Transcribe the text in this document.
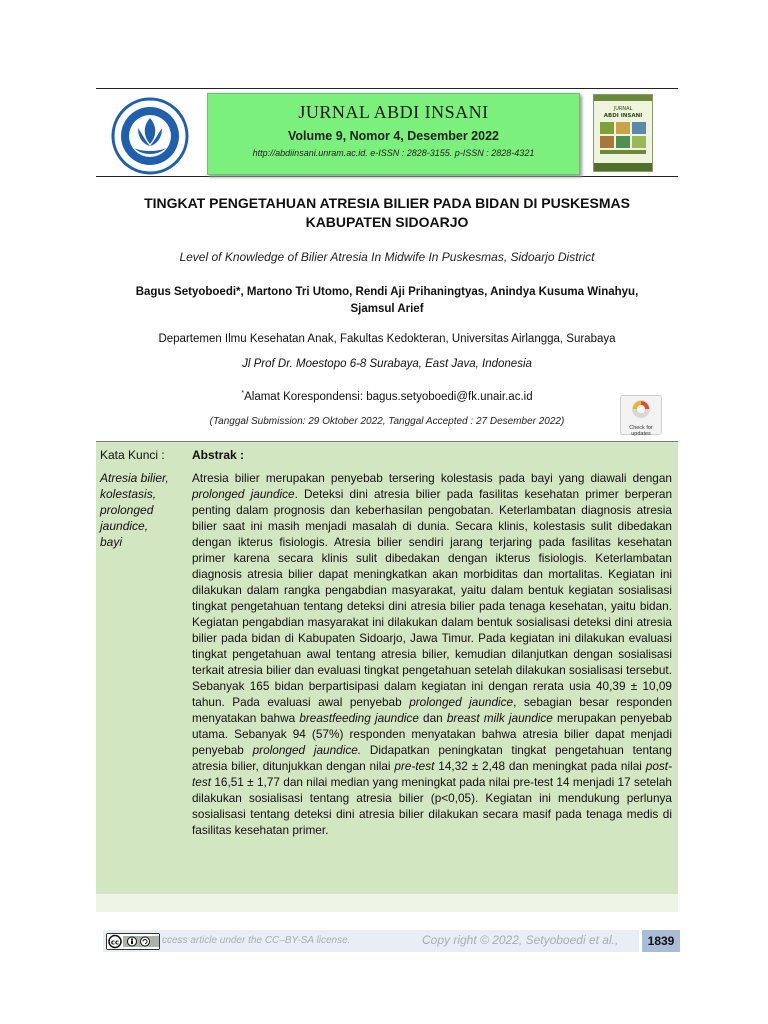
JURNAL ABDI INSANI
Volume 9, Nomor 4, Desember 2022
http://abdiinsani.unram.ac.id. e-ISSN : 2828-3155. p-ISSN : 2828-4321
JURNAL
ABDI INSANI
TINGKAT PENGETAHUAN ATRESIA BILIER PADA BIDAN DI PUSKESMAS
KABUPATEN SIDOARJO
Level of Knowledge of Bilier Atresia In Midwife In Puskesmas, Sidoarjo District
Bagus Setyoboedi*, Martono Tri Utomo, Rendi Aji Prihaningtyas, Anindya Kusuma Winahyu,
Sjamsul Arief
Departemen Ilmu Kesehatan Anak, Fakultas Kedokteran, Universitas Airlangga, Surabaya
Jl Prof Dr. Moestopo 6-8 Surabaya, East Java, Indonesia
*Alamat Korespondensi: bagus.setyoboedi@fk.unair.ac.id
(Tanggal Submission: 29 Oktober 2022, Tanggal Accepted : 27 Desember 2022)
Check for updates
Kata Kunci :
Atresia bilier,
kolestasis,
prolonged
jaundice,
bayi
Abstrak :

Atresia bilier merupakan penyebab tersering kolestasis pada bayi yang diawali dengan prolonged jaundice. Deteksi dini atresia bilier pada fasilitas kesehatan primer berperan penting dalam prognosis dan keberhasilan pengobatan. Keterlambatan diagnosis atresia bilier saat ini masih menjadi masalah di dunia. Secara klinis, kolestasis sulit dibedakan dengan ikterus fisiologis. Atresia bilier sendiri jarang terjaring pada fasilitas kesehatan primer karena secara klinis sulit dibedakan dengan ikterus fisiologis. Keterlambatan diagnosis atresia bilier dapat meningkatkan akan morbiditas dan mortalitas. Kegiatan ini dilakukan dalam rangka pengabdian masyarakat, yaitu dalam bentuk kegiatan sosialisasi tingkat pengetahuan tentang deteksi dini atresia bilier pada tenaga kesehatan, yaitu bidan. Kegiatan pengabdian masyarakat ini dilakukan dalam bentuk sosialisasi deteksi dini atresia bilier pada bidan di Kabupaten Sidoarjo, Jawa Timur. Pada kegiatan ini dilakukan evaluasi tingkat pengetahuan awal tentang atresia bilier, kemudian dilanjutkan dengan sosialisasi terkait atresia bilier dan evaluasi tingkat pengetahuan setelah dilakukan sosialisasi tersebut. Sebanyak 165 bidan berpartisipasi dalam kegiatan ini dengan rerata usia 40,39 ± 10,09 tahun. Pada evaluasi awal penyebab prolonged jaundice, sebagian besar responden menyatakan bahwa breastfeeding jaundice dan breast milk jaundice merupakan penyebab utama. Sebanyak 94 (57%) responden menyatakan bahwa atresia bilier dapat menjadi penyebab prolonged jaundice. Didapatkan peningkatan tingkat pengetahuan tentang atresia bilier, ditunjukkan dengan nilai pre-test 14,32 ± 2,48 dan meningkat pada nilai post-test 16,51 ± 1,77 dan nilai median yang meningkat pada nilai pre-test 14 menjadi 17 setelah dilakukan sosialisasi tentang atresia bilier (p<0,05). Kegiatan ini mendukung perlunya sosialisasi tentang deteksi dini atresia bilier dilakukan secara masif pada tenaga medis di fasilitas kesehatan primer.

cc	ccess article under the CC–BY-SA license.	Copy right © 2022, Setyoboedi et al.,	1839
